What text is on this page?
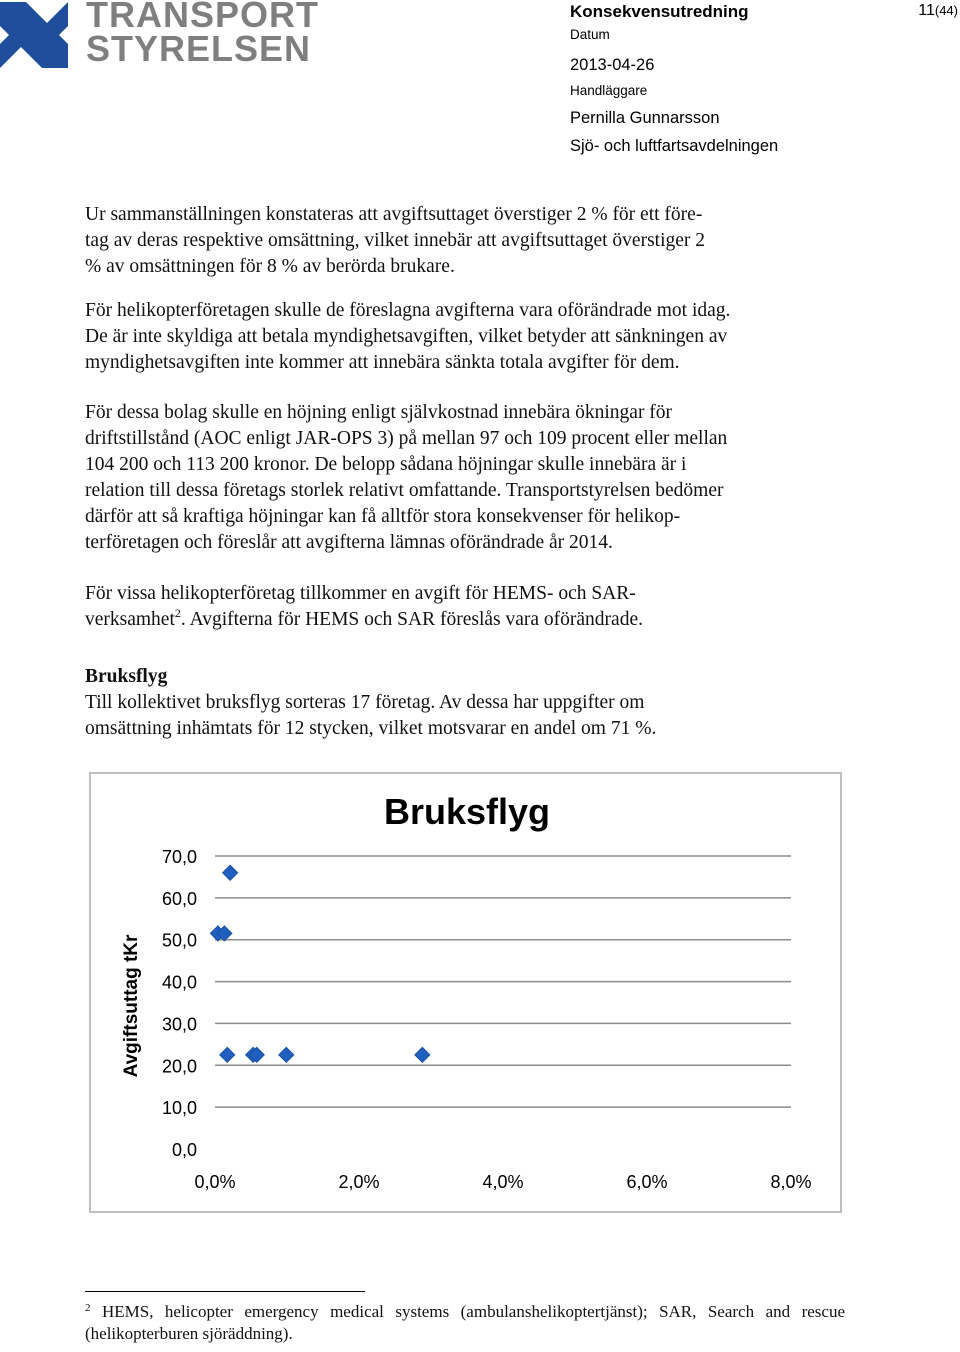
TRANSPORT
STYRELSEN
Konsekvensutredning	11(44)
Datum
2013-04-26
Handläggare
Pernilla Gunnarsson
Sjö- och luftfartsavdelningen
Ur sammanställningen konstateras att avgiftsuttaget överstiger 2 % för ett före-
tag av deras respektive omsättning, vilket innebär att avgiftsuttaget överstiger 2
% av omsättningen för 8 % av berörda brukare.
För helikopterföretagen skulle de föreslagna avgifterna vara oförändrade mot idag.
De är inte skyldiga att betala myndighetsavgiften, vilket betyder att sänkningen av
myndighetsavgiften inte kommer att innebära sänkta totala avgifter för dem.
För dessa bolag skulle en höjning enligt självkostnad innebära ökningar för
driftstillstånd (AOC enligt JAR-OPS 3) på mellan 97 och 109 procent eller mellan
104 200 och 113 200 kronor. De belopp sådana höjningar skulle innebära är i
relation till dessa företags storlek relativt omfattande. Transportstyrelsen bedömer
därför att så kraftiga höjningar kan få alltför stora konsekvenser för helikop-
terföretagen och föreslår att avgifterna lämnas oförändrade år 2014.
För vissa helikopterföretag tillkommer en avgift för HEMS- och SAR-
verksamhet$^2$. Avgifterna för HEMS och SAR föreslås vara oförändrade.
Bruksflyg
Till kollektivet bruksflyg sorteras 17 företag. Av dessa har uppgifter om
omsättning inhämtats för 12 stycken, vilket motsvarar en andel om 71 %.
Bruksflyg
Avgiftsuttag tKr
70,0
60,0
50,0
40,0
30,0
20,0
10,0
0,0
0,0%	2,0%	4,0%	6,0%	8,0%
$^2$ HEMS, helicopter emergency medical systems (ambulanshelikoptertjänst); SAR, Search and rescue (helikopterburen sjöräddning).
